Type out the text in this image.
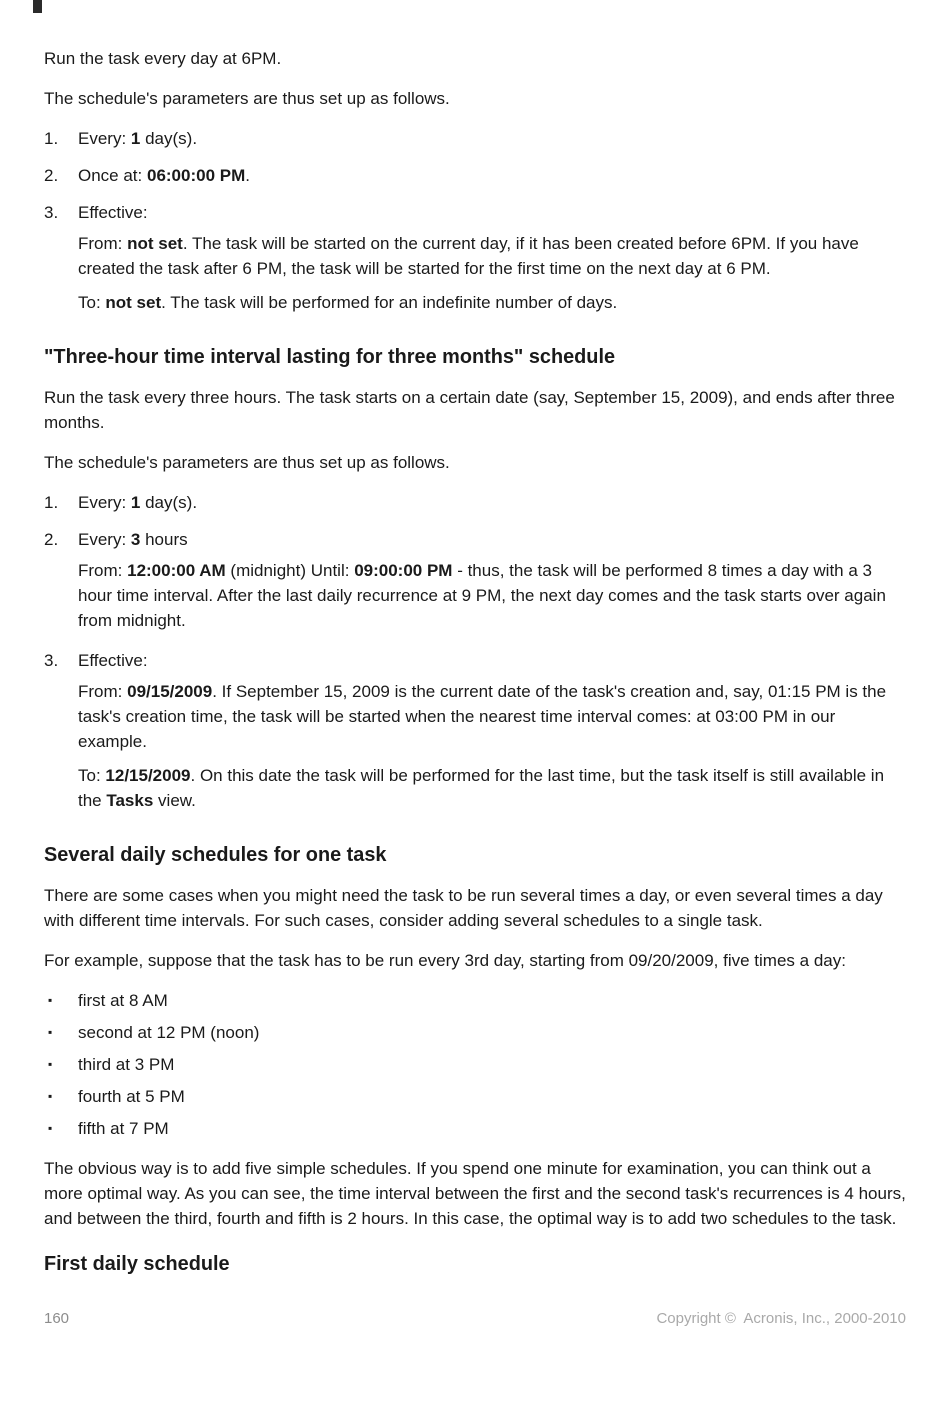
Run the task every day at 6PM.

The schedule's parameters are thus set up as follows.

1.	Every: 1 day(s).

2.	Once at: 06:00:00 PM.

3.	Effective:

From: not set. The task will be started on the current day, if it has been created before 6PM. If you have created the task after 6 PM, the task will be started for the first time on the next day at 6 PM.

To: not set. The task will be performed for an indefinite number of days.

"Three-hour time interval lasting for three months" schedule

Run the task every three hours. The task starts on a certain date (say, September 15, 2009), and ends after three months.

The schedule's parameters are thus set up as follows.

1.	Every: 1 day(s).

2.	Every: 3 hours

From: 12:00:00 AM (midnight) Until: 09:00:00 PM - thus, the task will be performed 8 times a day with a 3 hour time interval. After the last daily recurrence at 9 PM, the next day comes and the task starts over again from midnight.

3.	Effective:

From: 09/15/2009. If September 15, 2009 is the current date of the task's creation and, say, 01:15 PM is the task's creation time, the task will be started when the nearest time interval comes: at 03:00 PM in our example.

To: 12/15/2009. On this date the task will be performed for the last time, but the task itself is still available in the Tasks view.

Several daily schedules for one task

There are some cases when you might need the task to be run several times a day, or even several times a day with different time intervals. For such cases, consider adding several schedules to a single task.

For example, suppose that the task has to be run every 3rd day, starting from 09/20/2009, five times a day:

▪	first at 8 AM
▪	second at 12 PM (noon)
▪	third at 3 PM
▪	fourth at 5 PM
▪	fifth at 7 PM

The obvious way is to add five simple schedules. If you spend one minute for examination, you can think out a more optimal way. As you can see, the time interval between the first and the second task's recurrences is 4 hours, and between the third, fourth and fifth is 2 hours. In this case, the optimal way is to add two schedules to the task.

First daily schedule
160	Copyright ©  Acronis, Inc., 2000-2010
